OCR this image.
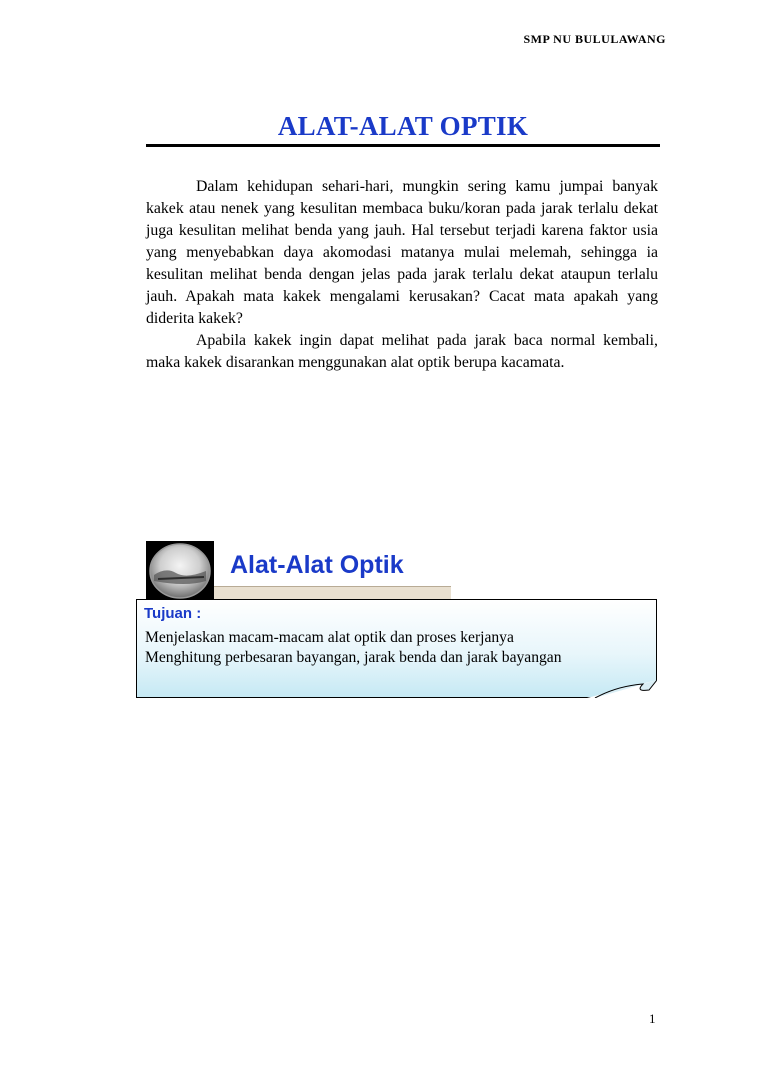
SMP NU BULULAWANG
ALAT-ALAT OPTIK

Dalam kehidupan sehari-hari, mungkin sering kamu jumpai banyak kakek atau nenek yang kesulitan membaca buku/koran pada jarak terlalu dekat juga kesulitan melihat benda yang jauh. Hal tersebut terjadi karena faktor usia yang menyebabkan daya akomodasi matanya mulai melemah, sehingga ia kesulitan melihat benda dengan jelas pada jarak terlalu dekat ataupun terlalu jauh. Apakah mata kakek mengalami kerusakan? Cacat mata apakah yang diderita kakek?

Apabila kakek ingin dapat melihat pada jarak baca normal kembali, maka kakek disarankan menggunakan alat optik berupa kacamata.

Alat-Alat Optik
Tujuan :
Menjelaskan macam-macam alat optik dan proses kerjanya
Menghitung perbesaran bayangan, jarak benda dan jarak bayangan
1
